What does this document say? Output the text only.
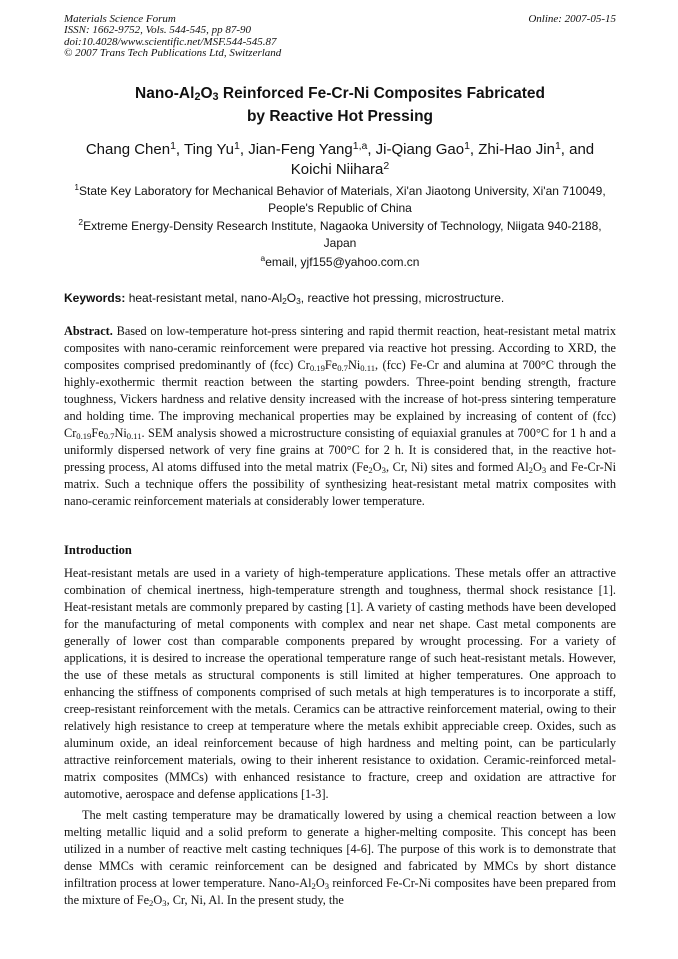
Materials Science Forum
ISSN: 1662-9752, Vols. 544-545, pp 87-90
doi:10.4028/www.scientific.net/MSF.544-545.87
© 2007 Trans Tech Publications Ltd, Switzerland
Online: 2007-05-15
Nano-$Al_2O_3$ Reinforced Fe-Cr-Ni Composites Fabricated
by Reactive Hot Pressing
Chang Chen$^1$, Ting Yu$^1$, Jian-Feng Yang$^{1,a}$, Ji-Qiang Gao$^1$, Zhi-Hao Jin$^1$, and Koichi Niihara$^2$
$^1$State Key Laboratory for Mechanical Behavior of Materials, Xi'an Jiaotong University, Xi'an 710049, People's Republic of China
$^2$Extreme Energy-Density Research Institute, Nagaoka University of Technology, Niigata 940-2188, Japan
$^a$email, yjf155@yahoo.com.cn
Keywords: heat-resistant metal, nano-$Al_2O_3$, reactive hot pressing, microstructure.

Abstract. Based on low-temperature hot-press sintering and rapid thermit reaction, heat-resistant metal matrix composites with nano-ceramic reinforcement were prepared via reactive hot pressing. According to XRD, the composites comprised predominantly of (fcc) $Cr_{0.19}Fe_{0.7}Ni_{0.11}$, (fcc) Fe-Cr and alumina at 700°C through the highly-exothermic thermit reaction between the starting powders. Three-point bending strength, fracture toughness, Vickers hardness and relative density increased with the increase of hot-press sintering temperature and holding time. The improving mechanical properties may be explained by increasing of content of (fcc) $Cr_{0.19}Fe_{0.7}Ni_{0.11}$. SEM analysis showed a microstructure consisting of equiaxial granules at 700°C for 1 h and a uniformly dispersed network of very fine grains at 700°C for 2 h. It is considered that, in the reactive hot-pressing process, Al atoms diffused into the metal matrix ($Fe_2O_3$, Cr, Ni) sites and formed $Al_2O_3$ and Fe-Cr-Ni matrix. Such a technique offers the possibility of synthesizing heat-resistant metal matrix composites with nano-ceramic reinforcement materials at considerably lower temperature.

Introduction

Heat-resistant metals are used in a variety of high-temperature applications. These metals offer an attractive combination of chemical inertness, high-temperature strength and toughness, thermal shock resistance [1]. Heat-resistant metals are commonly prepared by casting [1]. A variety of casting methods have been developed for the manufacturing of metal components with complex and near net shape. Cast metal components are generally of lower cost than comparable components prepared by wrought processing. For a variety of applications, it is desired to increase the operational temperature range of such heat-resistant metals. However, the use of these metals as structural components is still limited at higher temperatures. One approach to enhancing the stiffness of components comprised of such metals at high temperatures is to incorporate a stiff, creep-resistant reinforcement with the metals. Ceramics can be attractive reinforcement material, owing to their relatively high resistance to creep at temperature where the metals exhibit appreciable creep. Oxides, such as aluminum oxide, an ideal reinforcement because of high hardness and melting point, can be particularly attractive reinforcement materials, owing to their inherent resistance to oxidation. Ceramic-reinforced metal-matrix composites (MMCs) with enhanced resistance to fracture, creep and oxidation are attractive for automotive, aerospace and defense applications [1-3].

The melt casting temperature may be dramatically lowered by using a chemical reaction between a low melting metallic liquid and a solid preform to generate a higher-melting composite. This concept has been utilized in a number of reactive melt casting techniques [4-6]. The purpose of this work is to demonstrate that dense MMCs with ceramic reinforcement can be designed and fabricated by MMCs by short distance infiltration process at lower temperature. Nano-$Al_2O_3$ reinforced Fe-Cr-Ni composites have been prepared from the mixture of $Fe_2O_3$, Cr, Ni, Al. In the present study, the
